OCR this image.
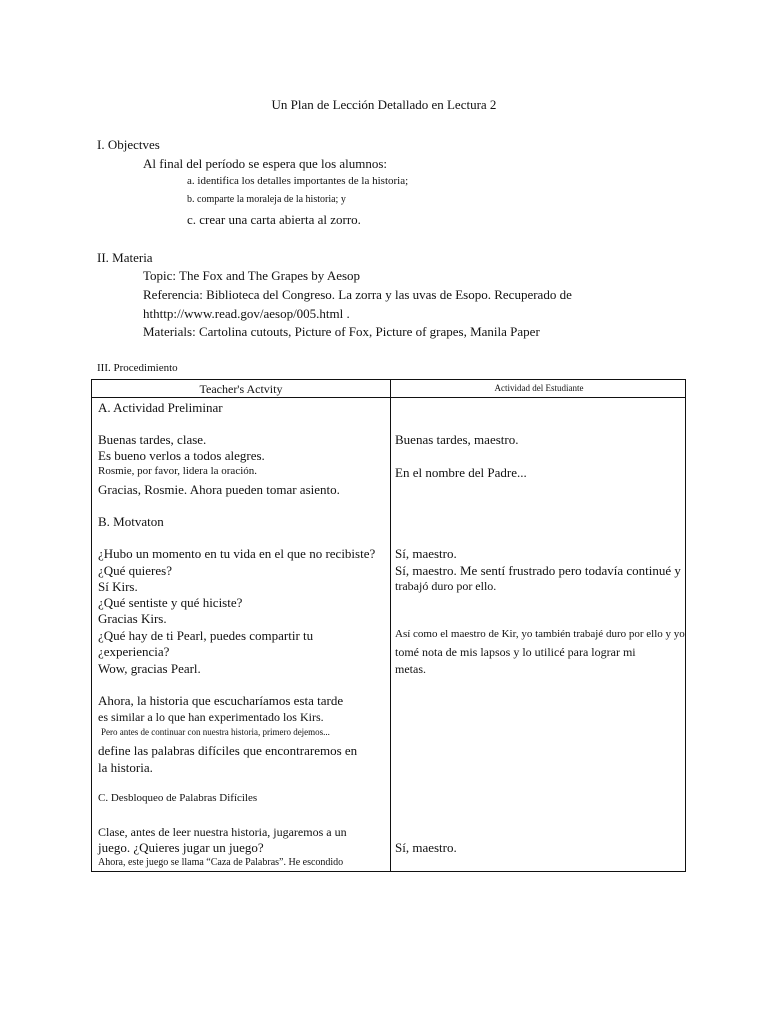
Un Plan de Lección Detallado en Lectura 2
I. Objectves
Al final del período se espera que los alumnos:
a. identifica los detalles importantes de la historia;
b. comparte la moraleja de la historia; y
c. crear una carta abierta al zorro.
II. Materia
Topic: The Fox and The Grapes by Aesop
Referencia: Biblioteca del Congreso. La zorra y las uvas de Esopo. Recuperado de
hthttp://www.read.gov/aesop/005.html .
Materials: Cartolina cutouts, Picture of Fox, Picture of grapes, Manila Paper
III. Procedimiento
Teacher's Actvity	Actividad del Estudiante
A. Actividad Preliminar
Buenas tardes, clase.
Es bueno verlos a todos alegres.
Rosmie, por favor, lidera la oración.
Gracias, Rosmie. Ahora pueden tomar asiento.
B. Motvaton
¿Hubo un momento en tu vida en el que no recibiste?
¿Qué quieres?
Sí Kirs.
¿Qué sentiste y qué hiciste?
Gracias Kirs.
¿Qué hay de ti Pearl, puedes compartir tu
¿experiencia?
Wow, gracias Pearl.
Ahora, la historia que escucharíamos esta tarde
es similar a lo que han experimentado los Kirs.
Pero antes de continuar con nuestra historia, primero dejemos...
define las palabras difíciles que encontraremos en
la historia.
C. Desbloqueo de Palabras Difíciles
Clase, antes de leer nuestra historia, jugaremos a un
juego. ¿Quieres jugar un juego?
Ahora, este juego se llama “Caza de Palabras”. He escondido
Buenas tardes, maestro.
En el nombre del Padre...
Sí, maestro.
Sí, maestro. Me sentí frustrado pero todavía continué y
trabajó duro por ello.
Así como el maestro de Kir, yo también trabajé duro por ello y yo
tomé nota de mis lapsos y lo utilicé para lograr mi
metas.
Sí, maestro.
